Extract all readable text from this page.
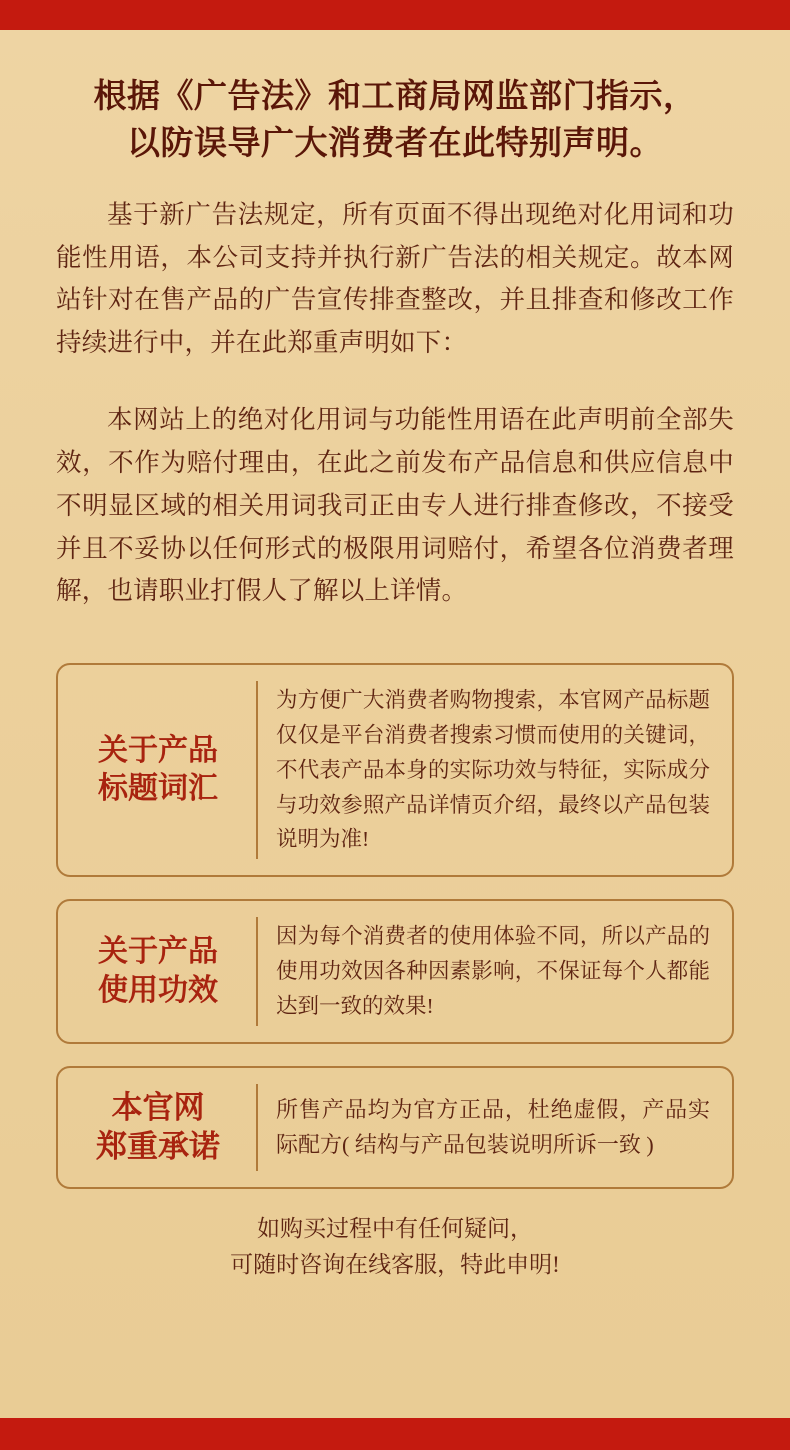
根据《广告法》和工商局网监部门指示，
以防误导广大消费者在此特别声明。

基于新广告法规定，所有页面不得出现绝对化用词和功能性用语，本公司支持并执行新广告法的相关规定。故本网站针对在售产品的广告宣传排查整改，并且排查和修改工作持续进行中，并在此郑重声明如下：

本网站上的绝对化用词与功能性用语在此声明前全部失效，不作为赔付理由，在此之前发布产品信息和供应信息中不明显区域的相关用词我司正由专人进行排查修改，不接受并且不妥协以任何形式的极限用词赔付，希望各位消费者理解，也请职业打假人了解以上详情。

关于产品
标题词汇
为方便广大消费者购物搜索，本官网产品标题仅仅是平台消费者搜索习惯而使用的关键词，不代表产品本身的实际功效与特征，实际成分与功效参照产品详情页介绍，最终以产品包装说明为准!
关于产品
使用功效
因为每个消费者的使用体验不同，所以产品的使用功效因各种因素影响，不保证每个人都能达到一致的效果!
本官网
郑重承诺
所售产品均为官方正品，杜绝虚假，产品实际配方( 结构与产品包装说明所诉一致 )
如购买过程中有任何疑问，
可随时咨询在线客服，特此申明!
